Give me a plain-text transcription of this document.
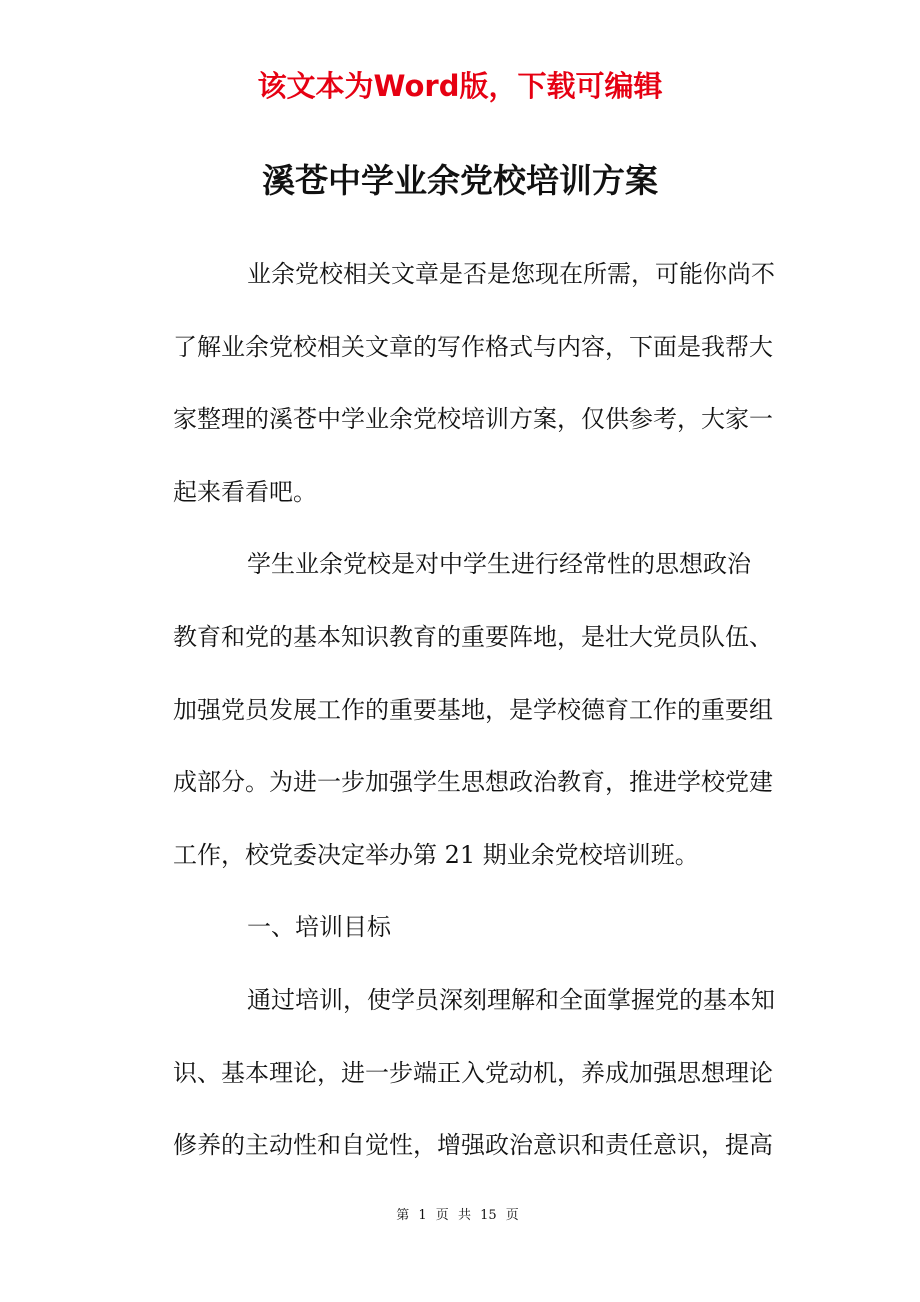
该文本为Word版，下载可编辑
溪苍中学业余党校培训方案

业余党校相关文章是否是您现在所需，可能你尚不
了解业余党校相关文章的写作格式与内容，下面是我帮大
家整理的溪苍中学业余党校培训方案，仅供参考，大家一
起来看看吧。

学生业余党校是对中学生进行经常性的思想政治
教育和党的基本知识教育的重要阵地，是壮大党员队伍、
加强党员发展工作的重要基地，是学校德育工作的重要组
成部分。为进一步加强学生思想政治教育，推进学校党建
工作，校党委决定举办第 21 期业余党校培训班。

一、培训目标

通过培训，使学员深刻理解和全面掌握党的基本知
识、基本理论，进一步端正入党动机，养成加强思想理论
修养的主动性和自觉性，增强政治意识和责任意识，提高

第 1 页 共 15 页
